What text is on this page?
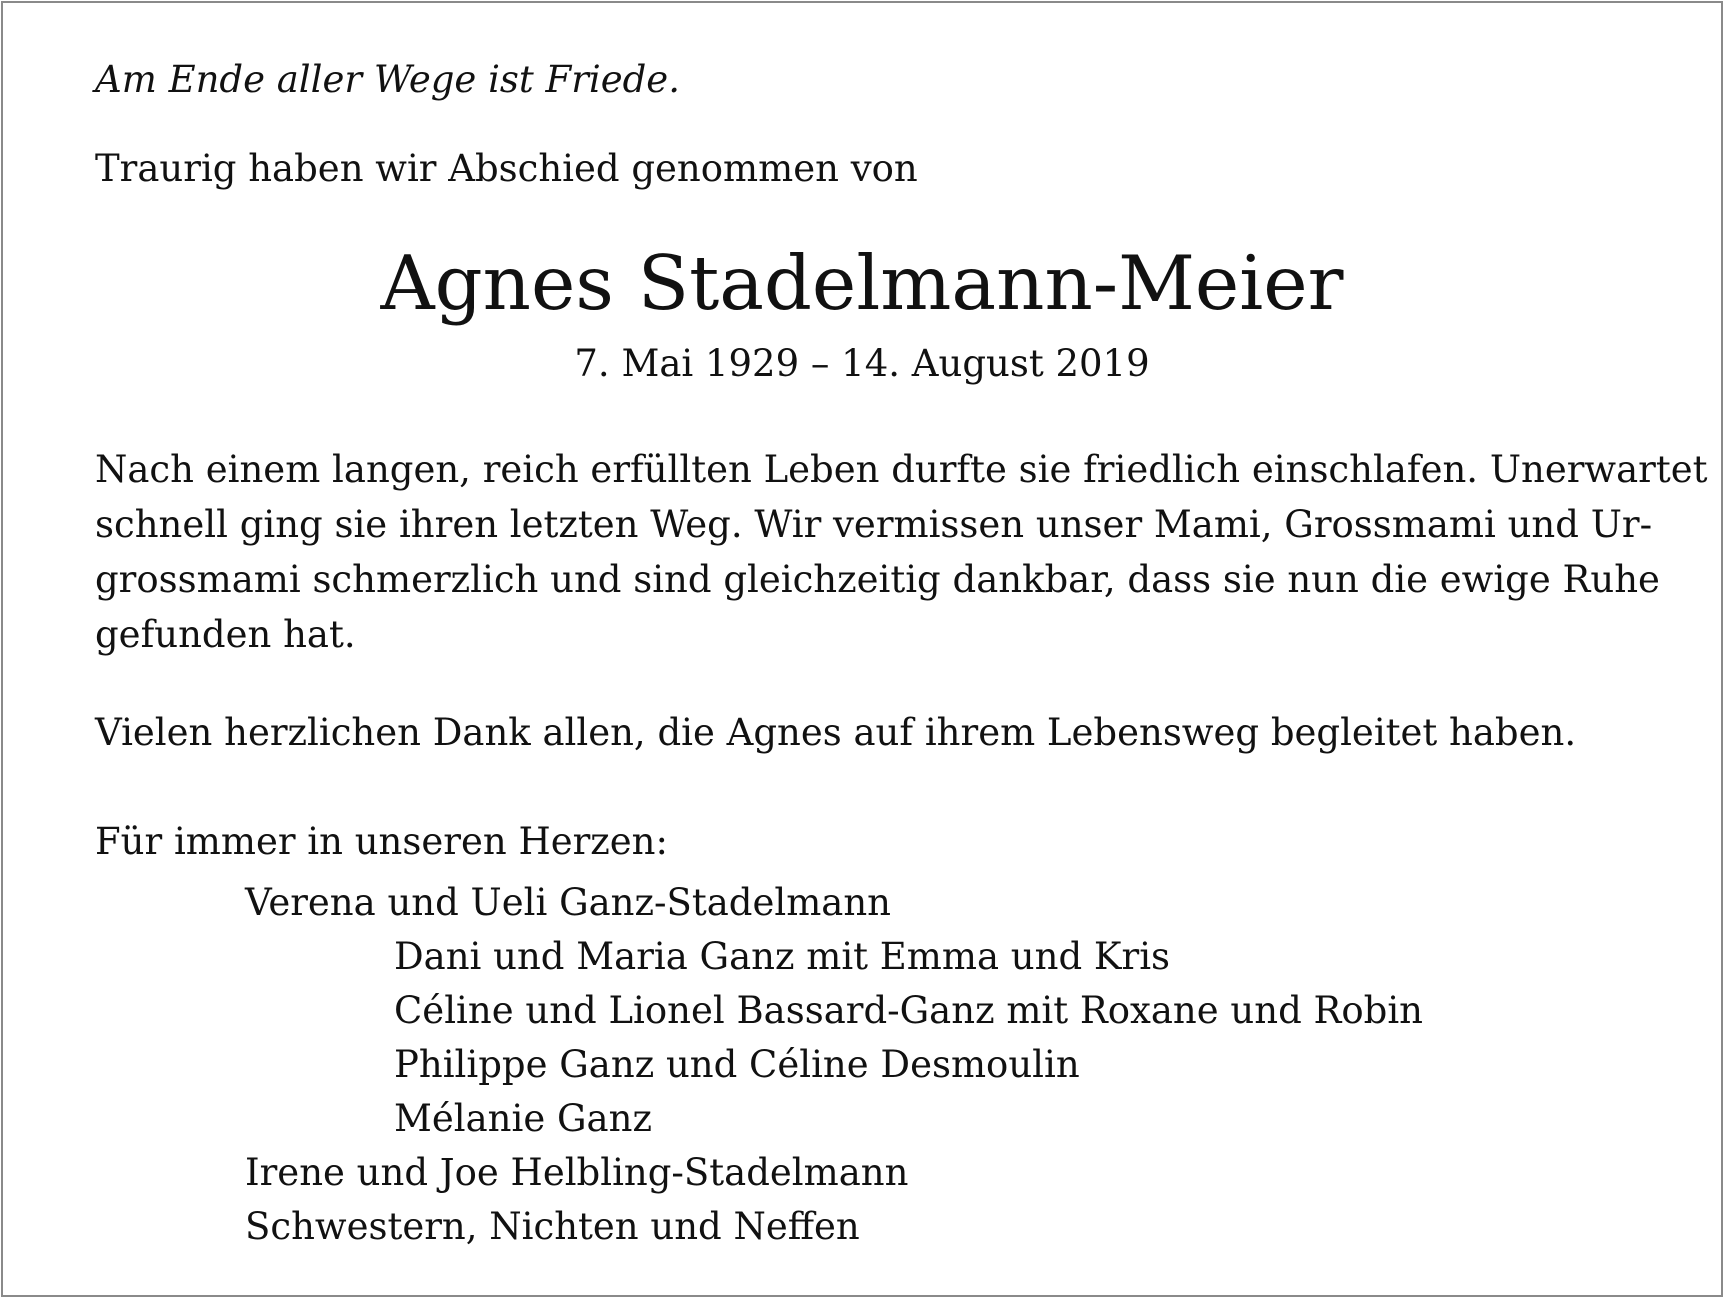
Am Ende aller Wege ist Friede.
Traurig haben wir Abschied genommen von
Agnes Stadelmann-Meier
7. Mai 1929 – 14. August 2019
Nach einem langen, reich erfüllten Leben durfte sie friedlich einschlafen. Unerwartet
schnell ging sie ihren letzten Weg. Wir vermissen unser Mami, Grossmami und Ur-
grossmami schmerzlich und sind gleichzeitig dankbar, dass sie nun die ewige Ruhe
gefunden hat.
Vielen herzlichen Dank allen, die Agnes auf ihrem Lebensweg begleitet haben.
Für immer in unseren Herzen:
Verena und Ueli Ganz-Stadelmann
Dani und Maria Ganz mit Emma und Kris
Céline und Lionel Bassard-Ganz mit Roxane und Robin
Philippe Ganz und Céline Desmoulin
Mélanie Ganz
Irene und Joe Helbling-Stadelmann
Schwestern, Nichten und Neffen
